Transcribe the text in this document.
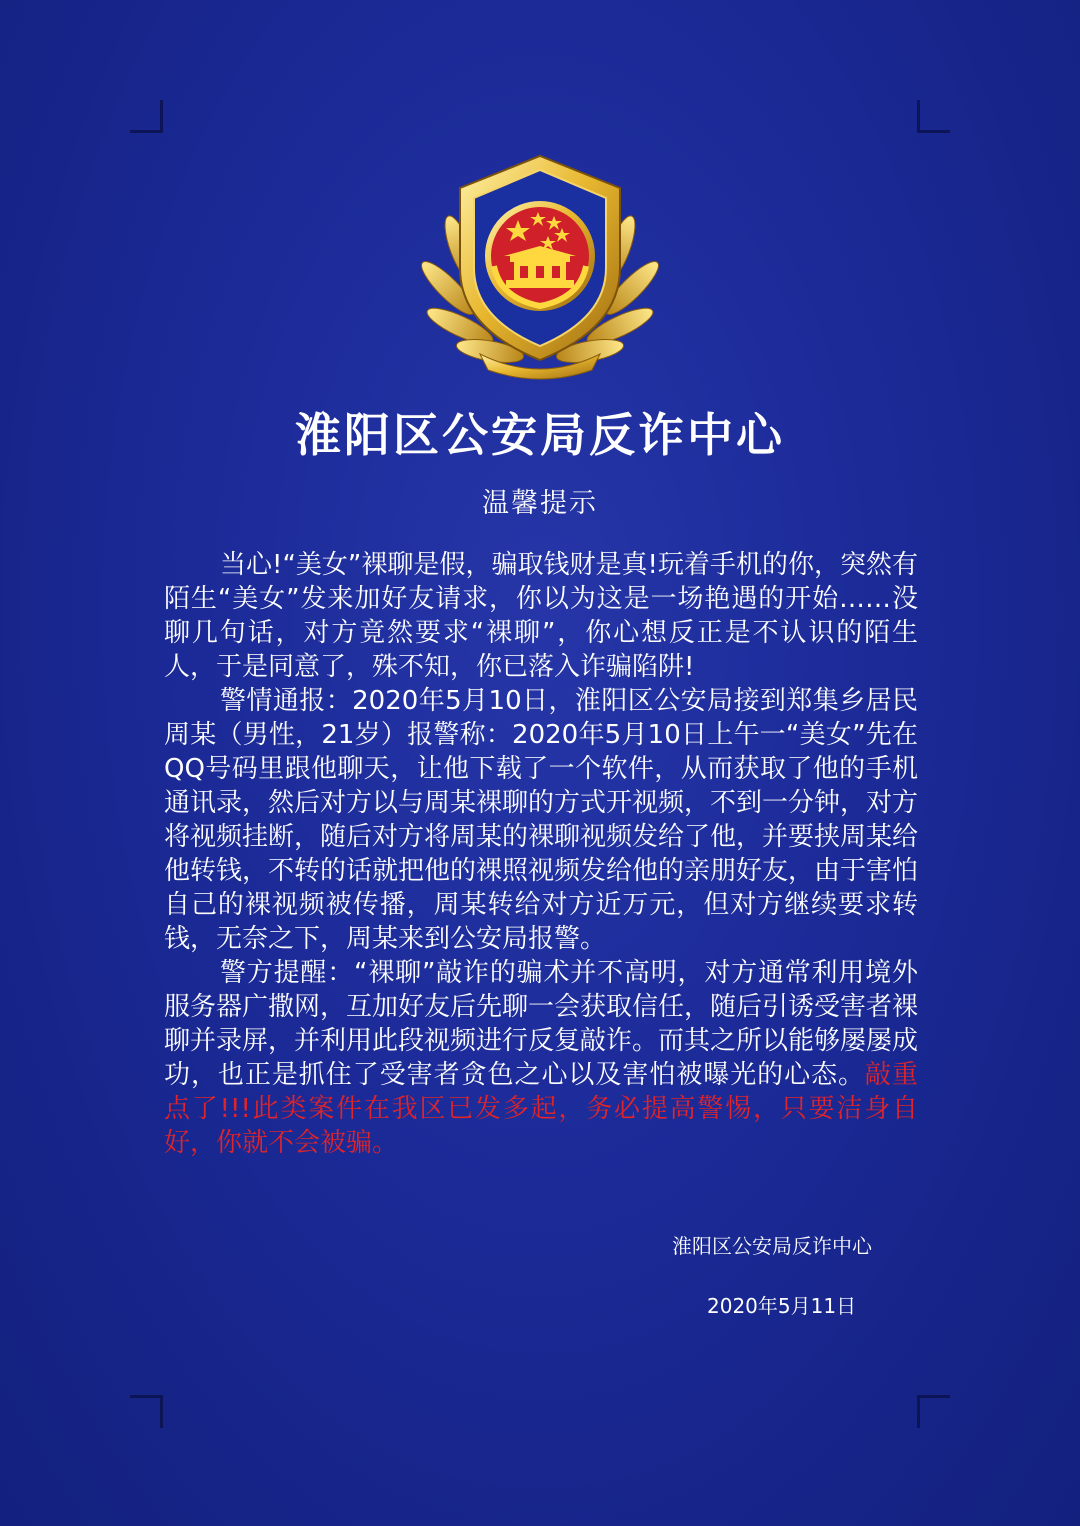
淮阳区公安局反诈中心
温馨提示

当心!“美女”裸聊是假，骗取钱财是真!玩着手机的你，突然有陌生“美女”发来加好友请求，你以为这是一场艳遇的开始……没聊几句话，对方竟然要求“裸聊”，你心想反正是不认识的陌生人，于是同意了，殊不知，你已落入诈骗陷阱!

警情通报：2020年5月10日，淮阳区公安局接到郑集乡居民周某（男性，21岁）报警称：2020年5月10日上午一“美女”先在QQ号码里跟他聊天，让他下载了一个软件，从而获取了他的手机通讯录，然后对方以与周某裸聊的方式开视频，不到一分钟，对方将视频挂断，随后对方将周某的裸聊视频发给了他，并要挟周某给他转钱，不转的话就把他的裸照视频发给他的亲朋好友，由于害怕自己的裸视频被传播，周某转给对方近万元，但对方继续要求转钱，无奈之下，周某来到公安局报警。

警方提醒：“裸聊”敲诈的骗术并不高明，对方通常利用境外服务器广撒网，互加好友后先聊一会获取信任，随后引诱受害者裸聊并录屏，并利用此段视频进行反复敲诈。而其之所以能够屡屡成功，也正是抓住了受害者贪色之心以及害怕被曝光的心态。敲重点了!!!此类案件在我区已发多起，务必提高警惕，只要洁身自好，你就不会被骗。

淮阳区公安局反诈中心
2020年5月11日
